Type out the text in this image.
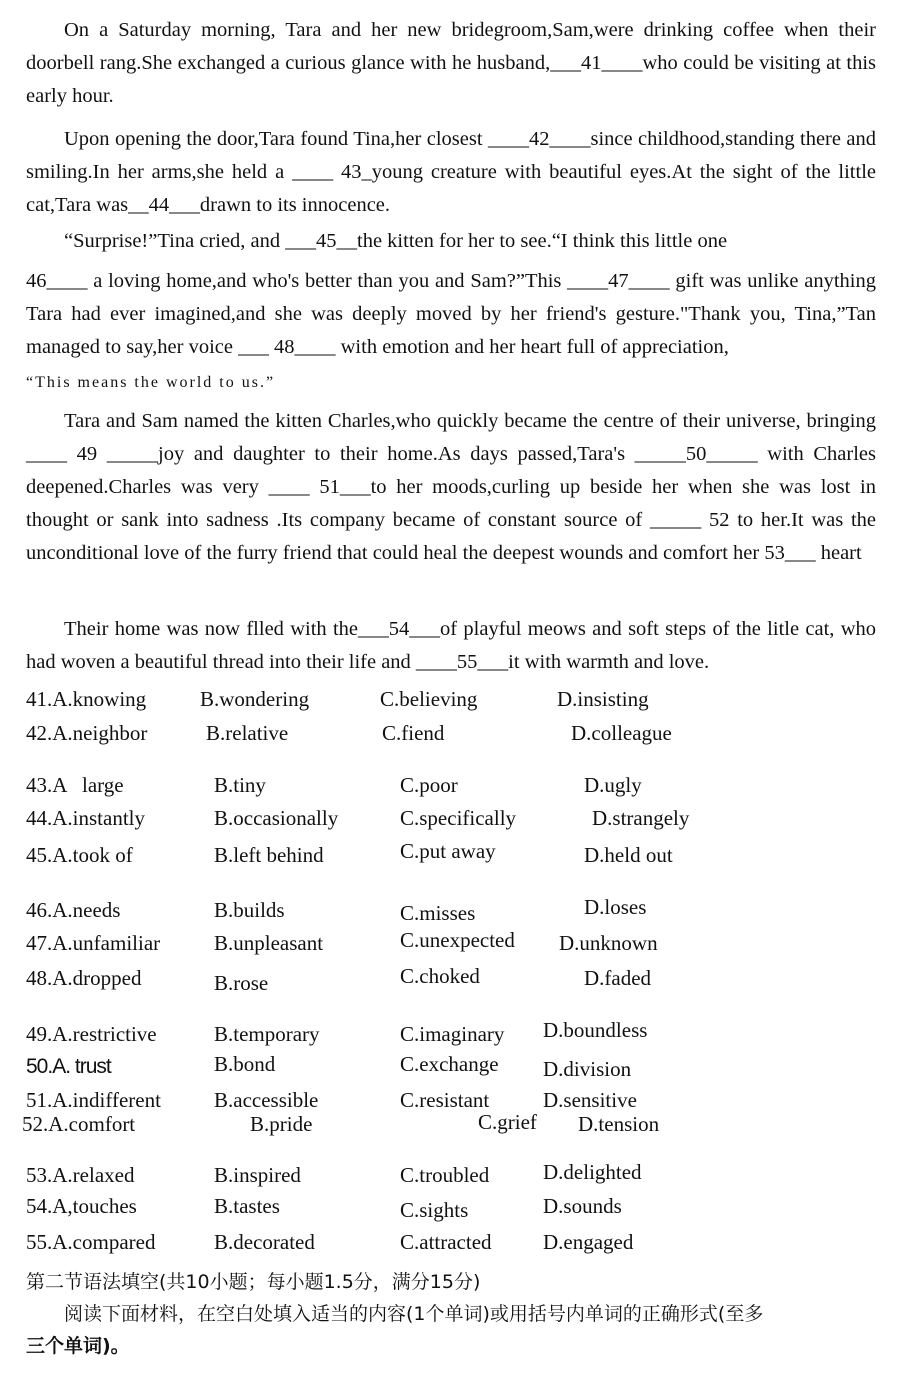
On a Saturday morning, Tara and her new bridegroom,Sam,were drinking coffee when their doorbell rang.She exchanged a curious glance with he husband,___41____who could be visiting at this early hour.
Upon opening the door,Tara found Tina,her closest ____42____since childhood,standing there and smiling.In her arms,she held a ____ 43_young creature with beautiful eyes.At the sight of the little cat,Tara was__44___drawn to its innocence.
“Surprise!”Tina cried, and ___45__the kitten for her to see.“I think this little one
46____ a loving home,and who's better than you and Sam?”This ____47____ gift was unlike anything Tara had ever imagined,and she was deeply moved by her friend's gesture."Thank you, Tina,”Tan managed to say,her voice ___ 48____ with emotion and her heart full of appreciation,
“This means the world to us.”
Tara and Sam named the kitten Charles,who quickly became the centre of their universe, bringing ____ 49 _____joy and daughter to their home.As days passed,Tara's _____50_____ with Charles deepened.Charles was very ____ 51___to her moods,curling up beside her when she was lost in thought or sank into sadness .Its company became of constant source of _____ 52 to her.It was the unconditional love of the furry friend that could heal the deepest wounds and comfort her 53___ heart
Their home was now flled with the___54___of playful meows and soft steps of the litle cat, who had woven a beautiful thread into their life and ____55___it with warmth and love.
41.A.knowing	B.wondering	C.believing	D.insisting
42.A.neighbor	B.relative	C.fiend	D.colleague
43.A   large	B.tiny	C.poor	D.ugly
44.A.instantly	B.occasionally	C.specifically	D.strangely
45.A.took of	B.left behind	C.put away	D.held out
46.A.needs	B.builds	C.misses	D.loses
47.A.unfamiliar	B.unpleasant	C.unexpected D.unknown
48.A.dropped	B.rose	C.choked	D.faded
49.A.restrictive	B.temporary	C.imaginary D.boundless
50.A. trust	B.bond	C.exchange D.division
51.A.indifferent	B.accessible	C.resistant	D.sensitive
52.A.comfort	B.pride	C.grief D.tension
53.A.relaxed	B.inspired	C.troubled	D.delighted
54.A,touches	B.tastes	C.sights	D.sounds
55.A.compared	B.decorated	C.attracted D.engaged
第二节语法填空(共10小题；每小题1.5分，满分15分)
阅读下面材料，在空白处填入适当的内容(1个单词)或用括号内单词的正确形式(至多
三个单词)。
